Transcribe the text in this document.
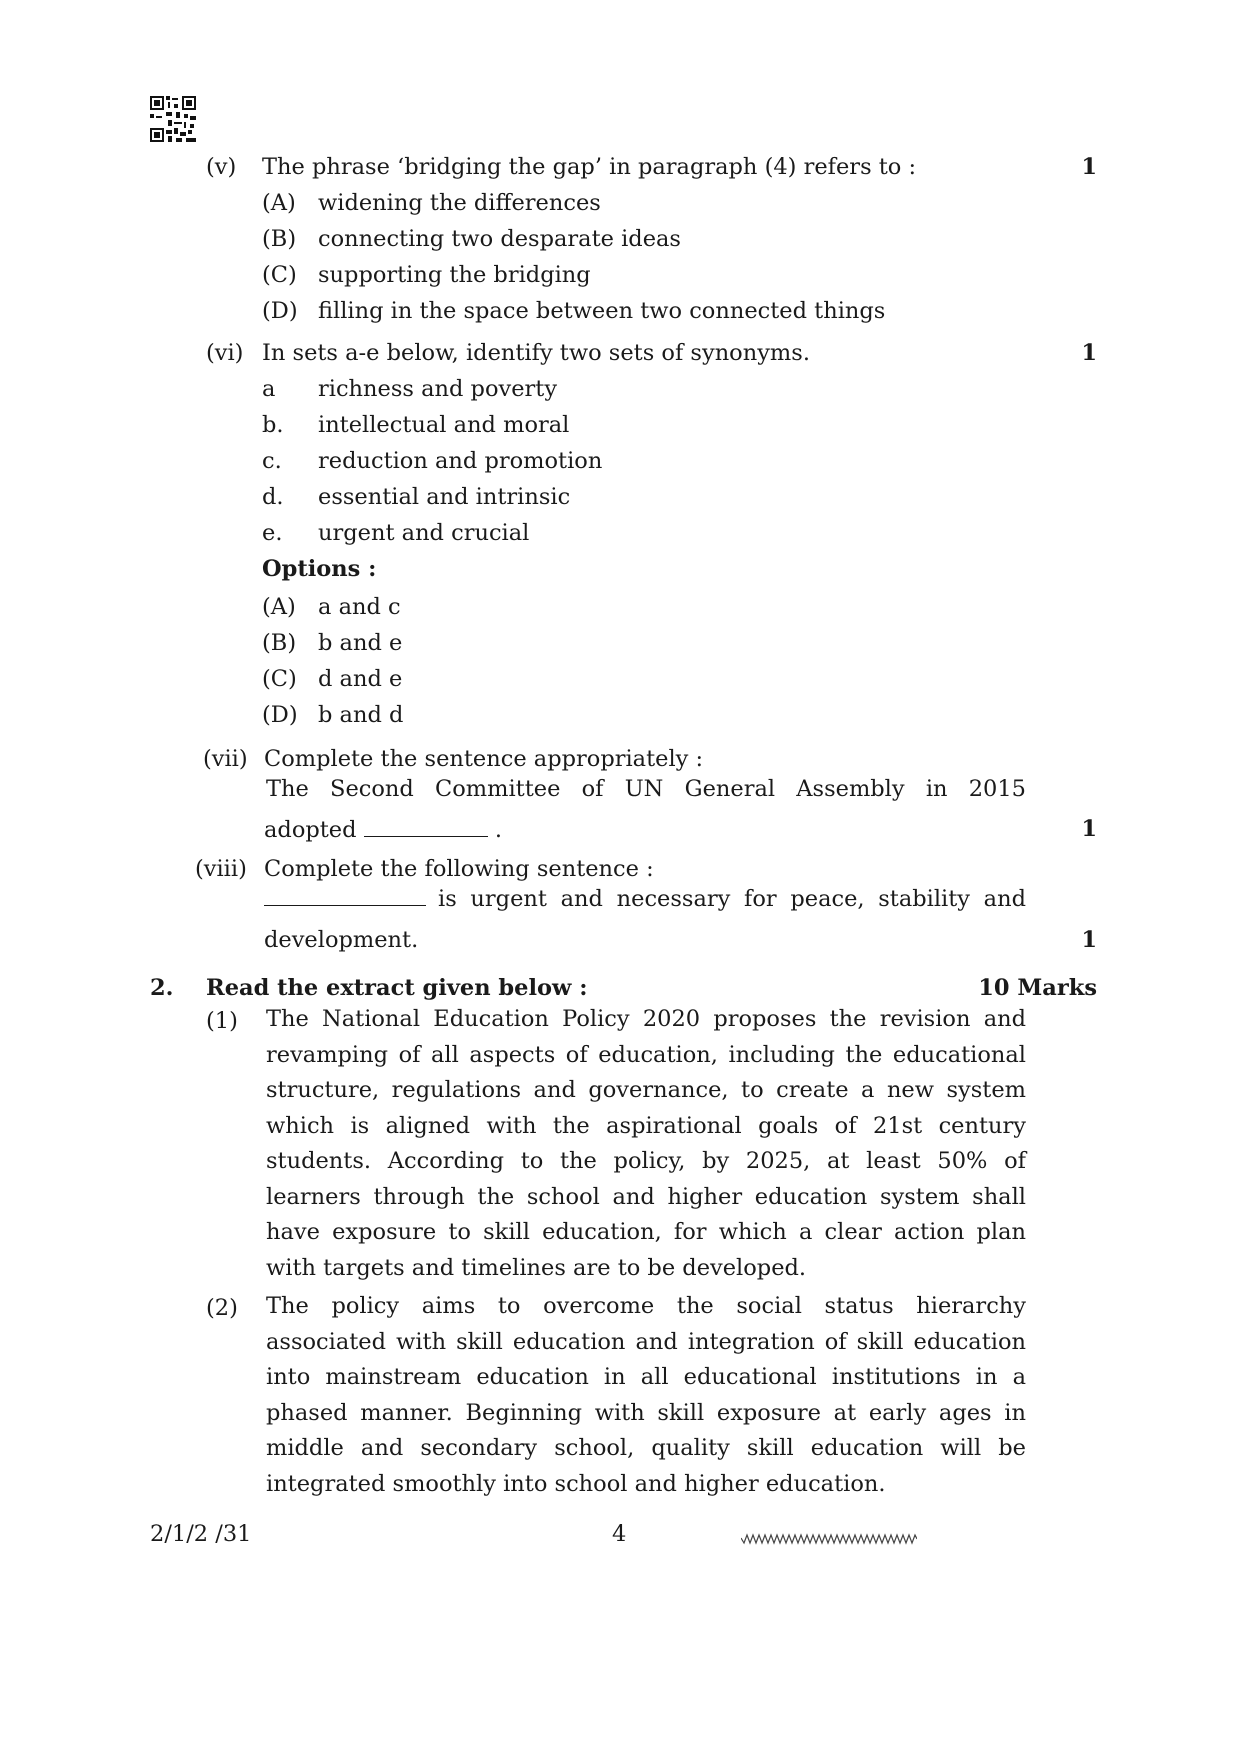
(v) The phrase ‘bridging the gap’ in paragraph (4) refers to :	1
(A) widening the differences
(B) connecting two desparate ideas
(C) supporting the bridging
(D) filling in the space between two connected things
(vi) In sets a-e below, identify two sets of synonyms.	1
a richness and poverty
b. intellectual and moral
c. reduction and promotion
d. essential and intrinsic
e. urgent and crucial
Options :
(A) a and c
(B) b and e
(C) d and e
(D) b and d
(vii) Complete the sentence appropriately :
The Second Committee of UN General Assembly in 2015
adopted	.	1
(viii) Complete the following sentence :
is urgent and necessary for peace, stability and
development.	1
2. Read the extract given below :	10 Marks
(1) The National Education Policy 2020 proposes the revision and
revamping of all aspects of education, including the educational
structure, regulations and governance, to create a new system
which is aligned with the aspirational goals of 21st century
students. According to the policy, by 2025, at least 50% of
learners through the school and higher education system shall
have exposure to skill education, for which a clear action plan
with targets and timelines are to be developed.
(2) The policy aims to overcome the social status hierarchy
associated with skill education and integration of skill education
into mainstream education in all educational institutions in a
phased manner. Beginning with skill exposure at early ages in
middle and secondary school, quality skill education will be
integrated smoothly into school and higher education.
2/1/2 /31	4
